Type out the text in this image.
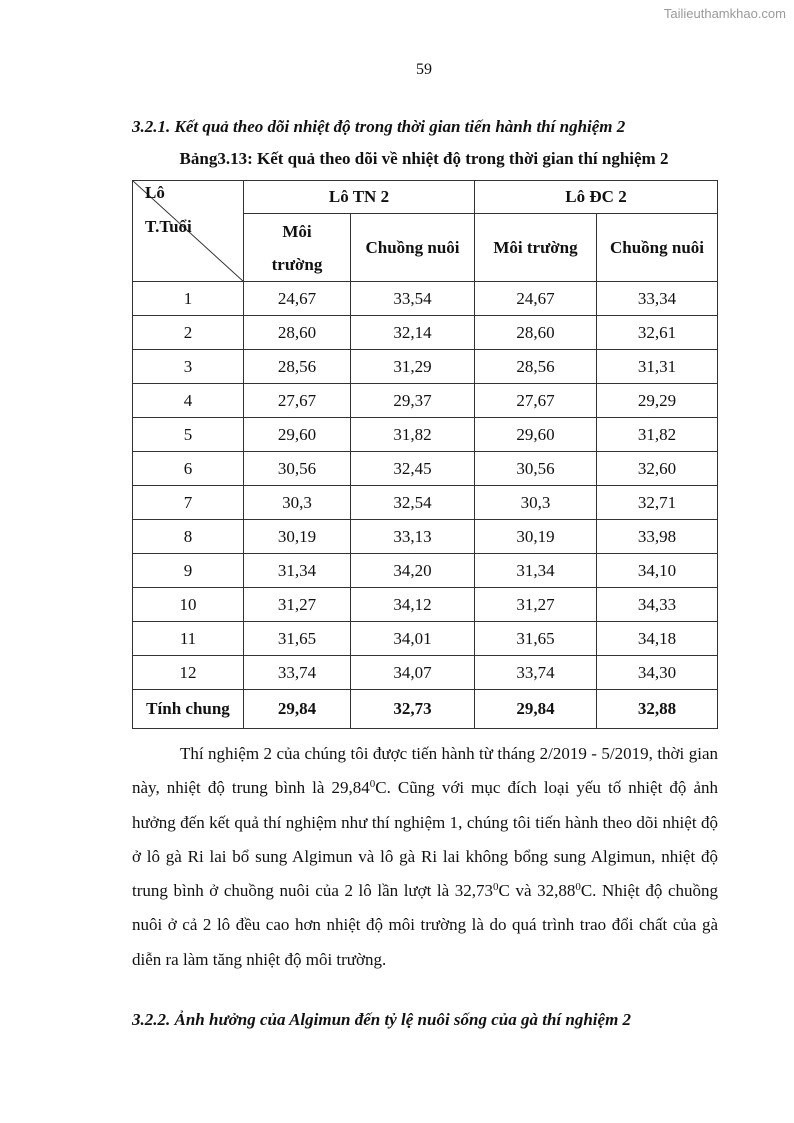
Tailieuthamkhao.com
59
3.2.1. Kết quả theo dõi nhiệt độ trong thời gian tiến hành thí nghiệm 2
Bảng3.13: Kết quả theo dõi về nhiệt độ trong thời gian thí nghiệm 2
Lô
T.Tuổi	Lô TN 2		Lô ĐC 2	
	Môi trường	Chuồng nuôi	Môi trường	Chuồng nuôi
1	24,67	33,54	24,67	33,34
2	28,60	32,14	28,60	32,61
3	28,56	31,29	28,56	31,31
4	27,67	29,37	27,67	29,29
5	29,60	31,82	29,60	31,82
6	30,56	32,45	30,56	32,60
7	30,3	32,54	30,3	32,71
8	30,19	33,13	30,19	33,98
9	31,34	34,20	31,34	34,10
10	31,27	34,12	31,27	34,33
11	31,65	34,01	31,65	34,18
12	33,74	34,07	33,74	34,30
Tính chung	29,84	32,73	29,84	32,88

Thí nghiệm 2 của chúng tôi được tiến hành từ tháng 2/2019 - 5/2019, thời gian này, nhiệt độ trung bình là 29,84$^0$C. Cũng với mục đích loại yếu tố nhiệt độ ảnh hưởng đến kết quả thí nghiệm như thí nghiệm 1, chúng tôi tiến hành theo dõi nhiệt độ ở lô gà Ri lai bổ sung Algimun và lô gà Ri lai không bổng sung Algimun, nhiệt độ trung bình ở chuồng nuôi của 2 lô lần lượt là 32,73$^0$C và 32,88$^0$C. Nhiệt độ chuồng nuôi ở cả 2 lô đều cao hơn nhiệt độ môi trường là do quá trình trao đổi chất của gà diễn ra làm tăng nhiệt độ môi trường.

3.2.2. Ảnh hưởng của Algimun đến tỷ lệ nuôi sống của gà thí nghiệm 2
